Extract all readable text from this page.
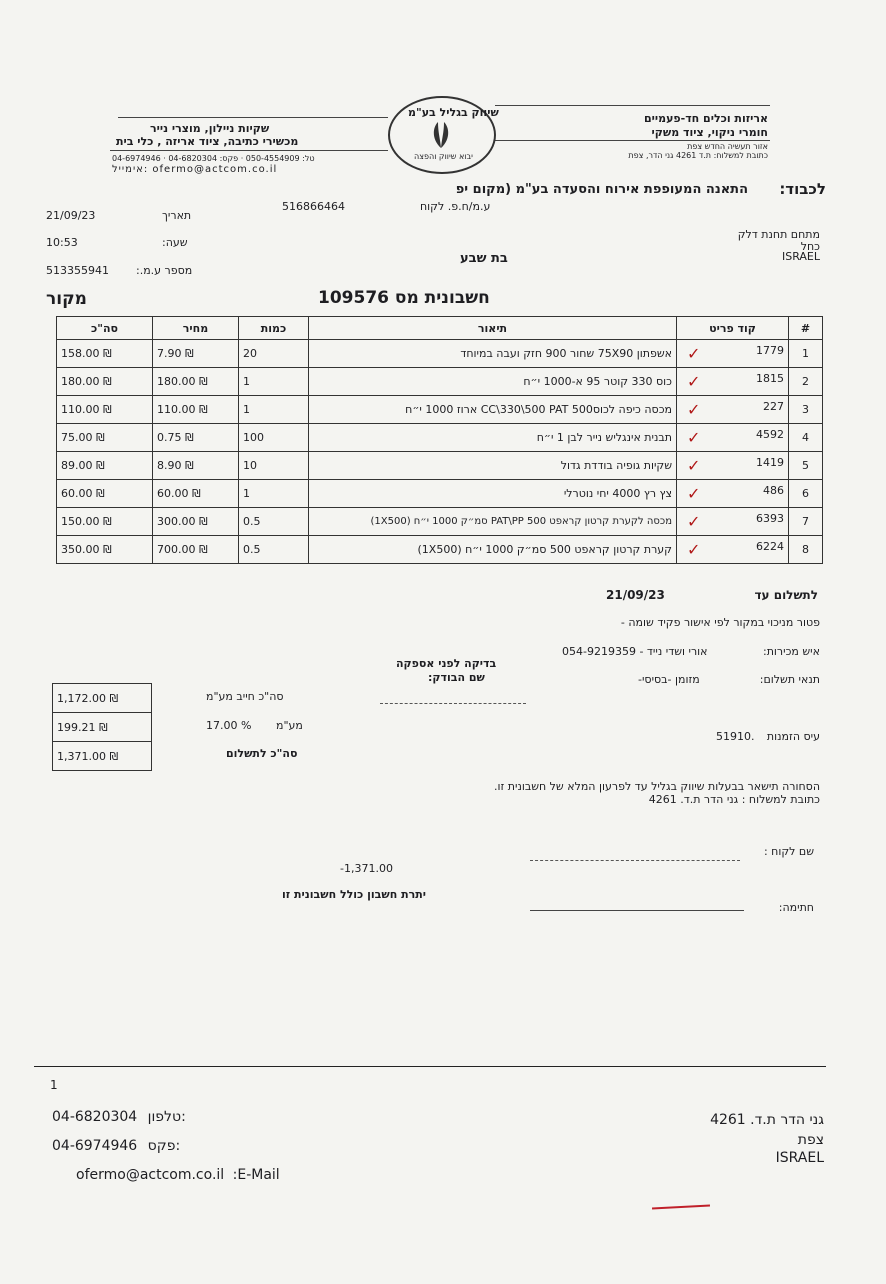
אריזות וכלים חד-פעמיים
חומרי ניקוי, ציוד משקי
אזור תעשיה החדש צפת
כתובת למשלוח: ת.ד 4261 גני הדר, צפת
שקיות ניילון, מוצרי נייר
מכשירי כתיבה, ציוד אריזה , כלי בית
טל: 050-4554909 · פקס: 04-6820304 · 04-6974946
אימייל: ofermo@actcom.co.il
שיווק בגליל בע"מ
יבוא שיווק והפצה
לכבוד:
התאנה המעופפת אירוח והסעדה בע"מ (מקום יפ
ע.מ/ח.פ. לקוח
516866464
מתחם תחנת דלק
כחל
ISRAEL
בת שבע
21/09/23	תאריך
10:53	שעה:
513355941 מספר ע.מ.:
חשבונית מס 109576
מקור
סה"כ	מחיר	כמות	תיאור	קוד פריט	#
158.00 ₪	7.90 ₪	20	אשפתון 75X90 שחור 900 חזק ועבה במיוחד	✓ 1779	1
180.00 ₪	180.00 ₪	1	כוס 330 קוטר 95 א-1000 י״ח	✓ 1815	2
110.00 ₪	110.00 ₪	1	מכסה כיפה לכוס500 CC\330\500 PAT ארוז 1000 י״ח	✓ 227	3
75.00 ₪	0.75 ₪	100	תבנית אינגליש נייר לבן 1 י״ח	✓ 4592	4
89.00 ₪	8.90 ₪	10	שקיות גופיה בודדת גדול	✓ 1419	5
60.00 ₪	60.00 ₪	1	צץ רץ 4000 יחי נוטרלי	✓ 486	6
150.00 ₪	300.00 ₪	0.5	מכסה לקערת קרטון קראפט 500 PAT\PP סמ״ק 1000 י״ח (1X500)	✓ 6393	7
350.00 ₪	700.00 ₪	0.5	קערת קרטון קראפט 500 סמ״ק 1000 י״ח (1X500)	✓ 6224	8
לתשלום עד
21/09/23
פטור מניכוי במקור לפי אישור פקיד שומה -
איש מכירות:
אורי ושדי נייד - 054-9219359
תנאי תשלום:
מזומן -בסיסי-
עיס הזמנות
51910.
בדיקה לפני אספקה
שם הבודק:
1,172.00 ₪
199.21 ₪
1,371.00 ₪
סה"כ חייב מע"מ
מע"מ
17.00 %
סה"כ לתשלום
הסחורה תישאר בבעלות שיווק בגליל עד לפרעון המלא של חשבונית זו.
כתובת למשלוח : גני הדר ת.ד. 4261
שם לקוח :
-1,371.00
יתרת חשבון כולל חשבונית זו
חתימה:
1
04-6820304 טלפון:
04-6974946 פקס:
ofermo@actcom.co.il :E-Mail
גני הדר ת.ד. 4261
צפת
ISRAEL
